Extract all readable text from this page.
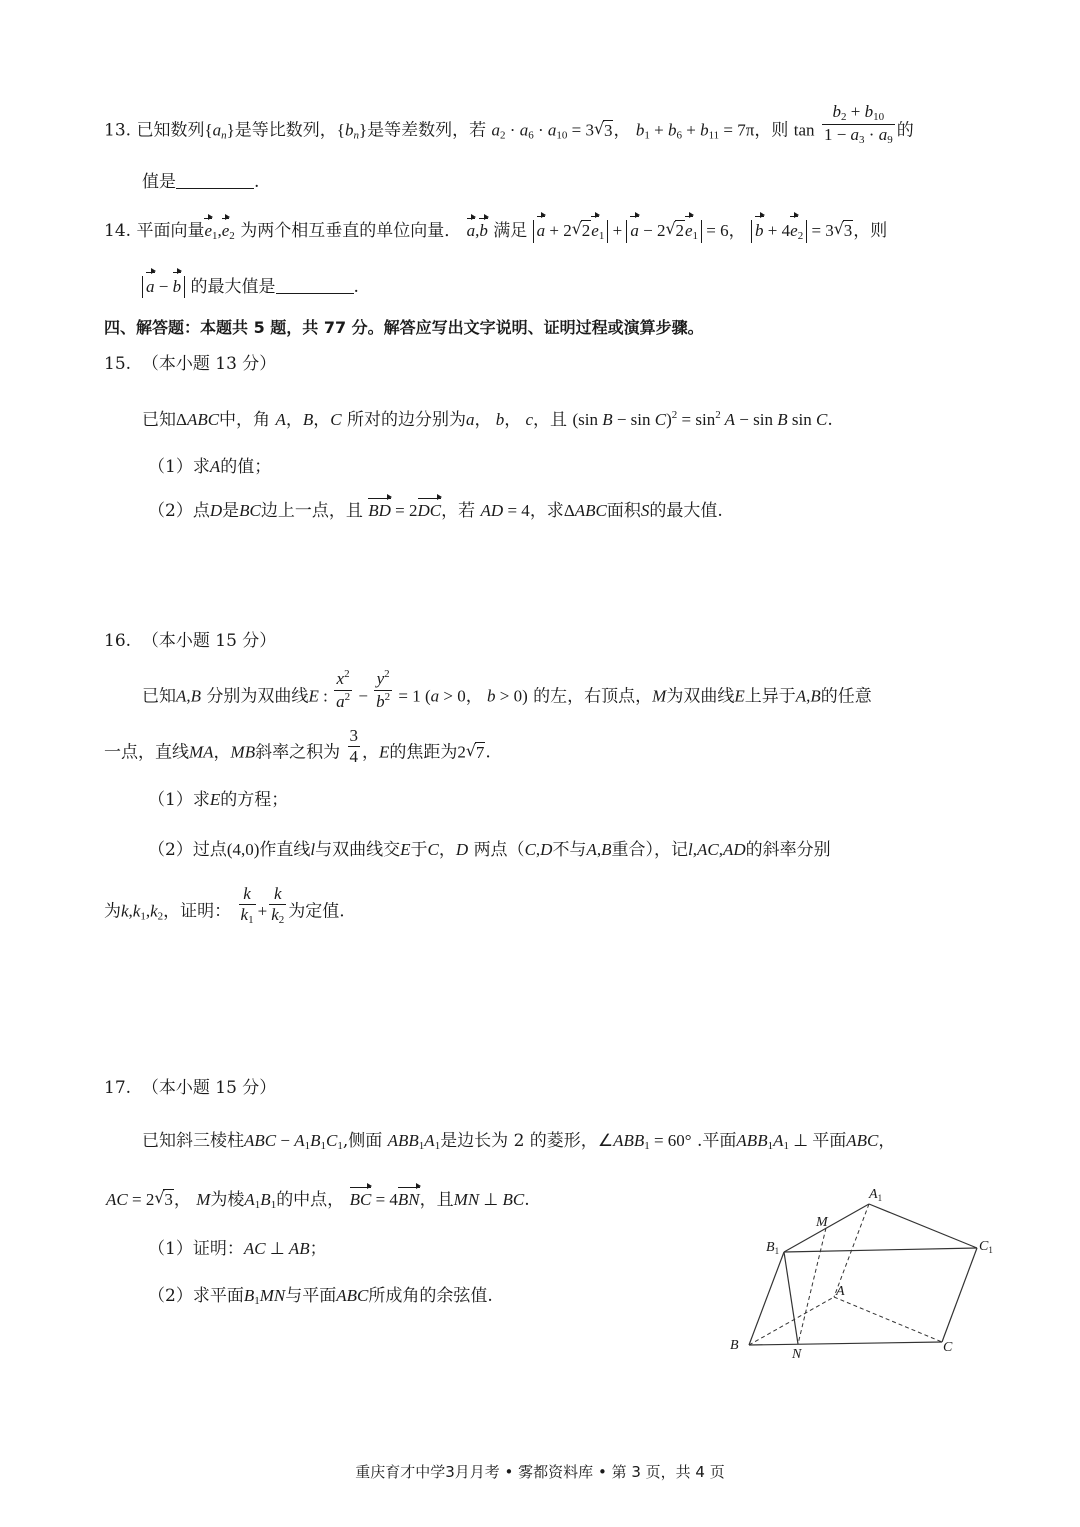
13. 已知数列$\{a_n\}$是等比数列，$\{b_n\}$是等差数列，若 $a_2 \cdot a_6 \cdot a_{10} = 3√$ 3， $b_1 + b_6 + b_{11} = 7\pi$，则 $\tan \frac{b_2 + b_{10}}{1 - a_3 \cdot a_9}$ 的
值是	.
14. 平面向量$e_1,e_2$ 为两个相互垂直的单位向量． a,b 满足 a + 2√ $2e_1 + a - 2√$ $2e_1 = 6$， $b + 4e_2 = 3√$ 3，则
a − b 的最大值是	.
四、解答题：本题共 5 题，共 77 分。解答应写出文字说明、证明过程或演算步骤。
15. （本小题 13 分）
已知ΔABC中，角 A，B，C 所对的边分别为a， b， c，且 (sin $B - \sin C)^2 = \sin^2 A - \sin B$ sin C.
（1）求A的值；
（2）点D是BC边上一点，且 BD = 2DC，若 AD = 4，求ΔABC面积S的最大值.
16. （本小题 15 分）
已知A,B 分别为双曲线E : $\frac{x^2}{a^2} - \frac{y^2}{b^2} = 1$ (a > 0， b > 0) 的左，右顶点，M为双曲线E上异于A,B的任意
一点，直线MA，MB斜率之积为 $\frac{3}{4}$ ，E的焦距为2√ 7.
（1）求E的方程；
（2）过点(4,0)作直线l与双曲线交E于C，D 两点（C,D不与A,B重合），记l,AC,AD的斜率分别
为$k,k_1,k_2$，证明： $\frac{k}{k_1} + \frac{k}{k_2}$ 为定值.
17. （本小题 15 分）
已知斜三棱柱ABC − $A_1B_1C_1$,侧面 $ABB_1A_1$是边长为 2 的菱形，$\angle ABB_1 = 60^\circ$ .平面$ABB_1A_1$ ⊥ 平面ABC，
AC = 2√ 3， M为棱$A_1B_1$的中点， BC = 4BN，且MN ⊥ BC.
（1）证明：AC ⊥ AB；
（2）求平面$B_1MN$与平面ABC所成角的余弦值.
$A_1$
M
$B_1$	$C_1$
A
B
N	C
重庆育才中学3月月考 • 雾都资料库 • 第 3 页，共 4 页
